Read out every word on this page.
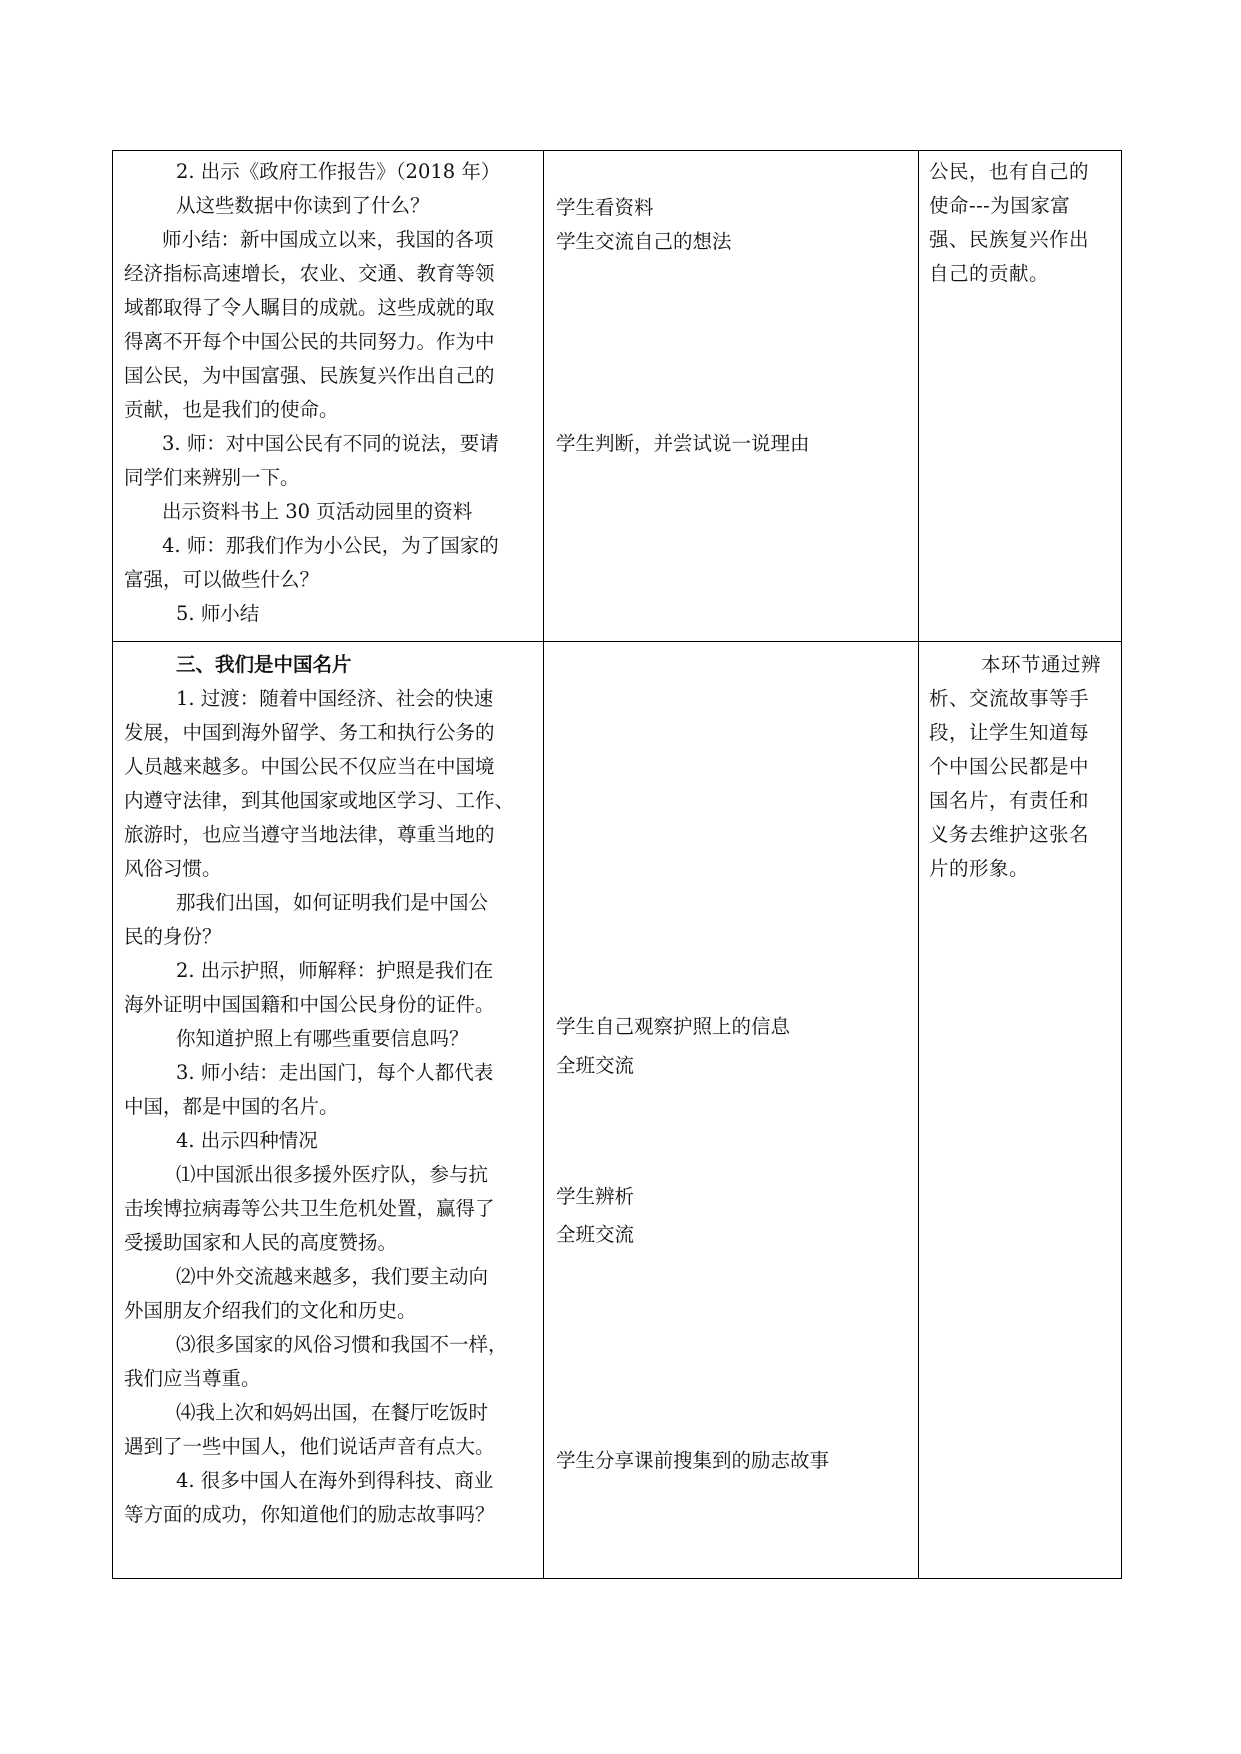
2. 出示《政府工作报告》（2018 年）
从这些数据中你读到了什么？
师小结：新中国成立以来，我国的各项
经济指标高速增长，农业、交通、教育等领
域都取得了令人瞩目的成就。这些成就的取
得离不开每个中国公民的共同努力。作为中
国公民，为中国富强、民族复兴作出自己的
贡献，也是我们的使命。
3. 师：对中国公民有不同的说法，要请
同学们来辨别一下。
出示资料书上 30 页活动园里的资料
4. 师：那我们作为小公民，为了国家的
富强，可以做些什么？
5. 师小结
学生看资料
学生交流自己的想法
学生判断，并尝试说一说理由
公民，也有自己的
使命---为国家富
强、民族复兴作出
自己的贡献。
三、我们是中国名片
1. 过渡：随着中国经济、社会的快速
发展，中国到海外留学、务工和执行公务的
人员越来越多。中国公民不仅应当在中国境
内遵守法律，到其他国家或地区学习、工作、
旅游时，也应当遵守当地法律，尊重当地的
风俗习惯。
那我们出国，如何证明我们是中国公
民的身份？
2. 出示护照，师解释：护照是我们在
海外证明中国国籍和中国公民身份的证件。
你知道护照上有哪些重要信息吗？
3. 师小结：走出国门，每个人都代表
中国，都是中国的名片。
4. 出示四种情况
⑴中国派出很多援外医疗队，参与抗
击埃博拉病毒等公共卫生危机处置，赢得了
受援助国家和人民的高度赞扬。
⑵中外交流越来越多，我们要主动向
外国朋友介绍我们的文化和历史。
⑶很多国家的风俗习惯和我国不一样，
我们应当尊重。
⑷我上次和妈妈出国，在餐厅吃饭时
遇到了一些中国人，他们说话声音有点大。
4. 很多中国人在海外到得科技、商业
等方面的成功，你知道他们的励志故事吗？
学生自己观察护照上的信息
全班交流
学生辨析
全班交流
学生分享课前搜集到的励志故事
本环节通过辨
析、交流故事等手
段，让学生知道每
个中国公民都是中
国名片，有责任和
义务去维护这张名
片的形象。
